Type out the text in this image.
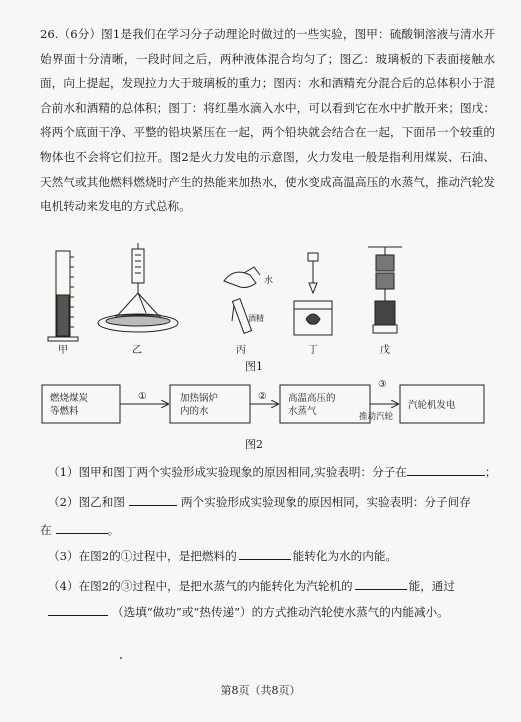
26.（6分）图1是我们在学习分子动理论时做过的一些实验，图甲：硫酸铜溶液与清水开始界面十分清晰，一段时间之后，两种液体混合均匀了；图乙：玻璃板的下表面接触水面，向上提起，发现拉力大于玻璃板的重力；图丙：水和酒精充分混合后的总体积小于混合前水和酒精的总体积；图丁：将红墨水滴入水中，可以看到它在水中扩散开来；图戊：将两个底面干净、平整的铅块紧压在一起，两个铅块就会结合在一起，下面吊一个较重的物体也不会将它们拉开。图2是火力发电的示意图，火力发电一般是指利用煤炭、石油、天然气或其他燃料燃烧时产生的热能来加热水，使水变成高温高压的水蒸气，推动汽轮发电机转动来发电的方式总称。

甲	乙	丙	丁	戊
水
酒精
图1
燃烧煤炭
等燃料
加热锅炉
内的水
高温高压的
水蒸气
汽轮机发电
①	②
③
推动汽轮
图2
（1）图甲和图丁两个实验形成实验现象的原因相同,实验表明：分子在	；
（2）图乙和图	两个实验形成实验现象的原因相同，实验表明：分子间存
在	。
（3）在图2的①过程中，是把燃料的	能转化为水的内能。
（4）在图2的③过程中，是把水蒸气的内能转化为汽轮机的	能，通过
（选填“做功”或“热传递”）的方式推动汽轮使水蒸气的内能减小。
第8页（共8页）
